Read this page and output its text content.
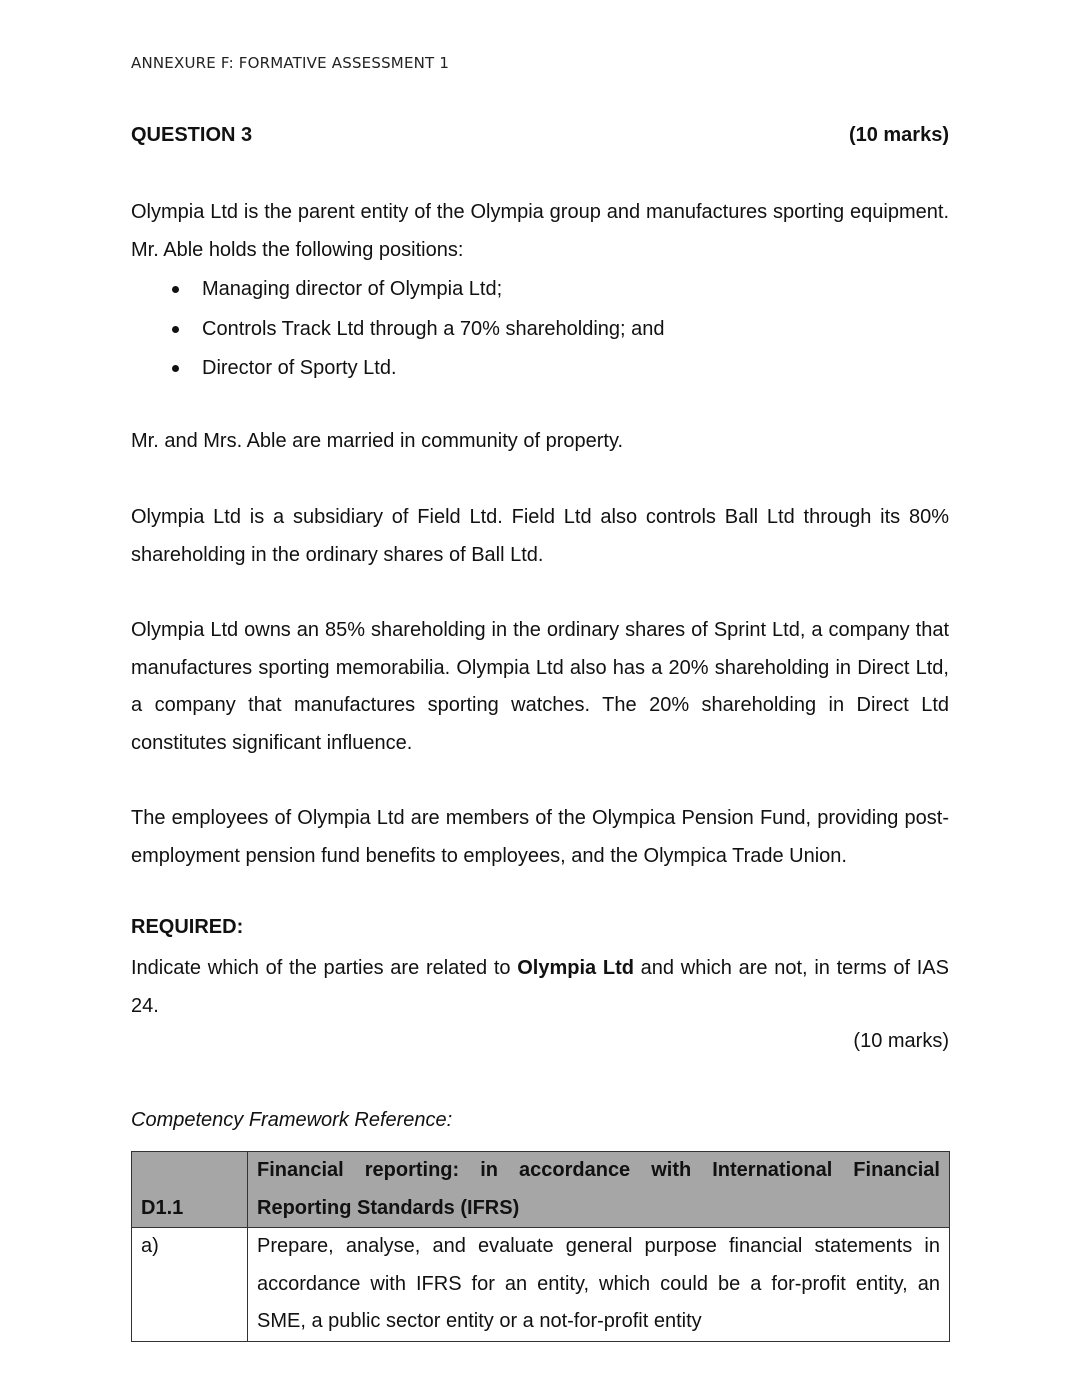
ANNEXURE F: FORMATIVE ASSESSMENT 1
QUESTION 3	(10 marks)

Olympia Ltd is the parent entity of the Olympia group and manufactures sporting equipment. Mr. Able holds the following positions:

Managing director of Olympia Ltd;
Controls Track Ltd through a 70% shareholding; and
Director of Sporty Ltd.

Mr. and Mrs. Able are married in community of property.

Olympia Ltd is a subsidiary of Field Ltd. Field Ltd also controls Ball Ltd through its 80% shareholding in the ordinary shares of Ball Ltd.

Olympia Ltd owns an 85% shareholding in the ordinary shares of Sprint Ltd, a company that manufactures sporting memorabilia. Olympia Ltd also has a 20% shareholding in Direct Ltd, a company that manufactures sporting watches. The 20% shareholding in Direct Ltd constitutes significant influence.

The employees of Olympia Ltd are members of the Olympica Pension Fund, providing post-employment pension fund benefits to employees, and the Olympica Trade Union.

REQUIRED:

Indicate which of the parties are related to Olympia Ltd and which are not, in terms of IAS 24.

(10 marks)
Competency Framework Reference:
D1.1	Financial reporting: in accordance with International Financial Reporting Standards (IFRS)
a)	Prepare, analyse, and evaluate general purpose financial statements in accordance with IFRS for an entity, which could be a for-profit entity, an SME, a public sector entity or a not-for-profit entity
